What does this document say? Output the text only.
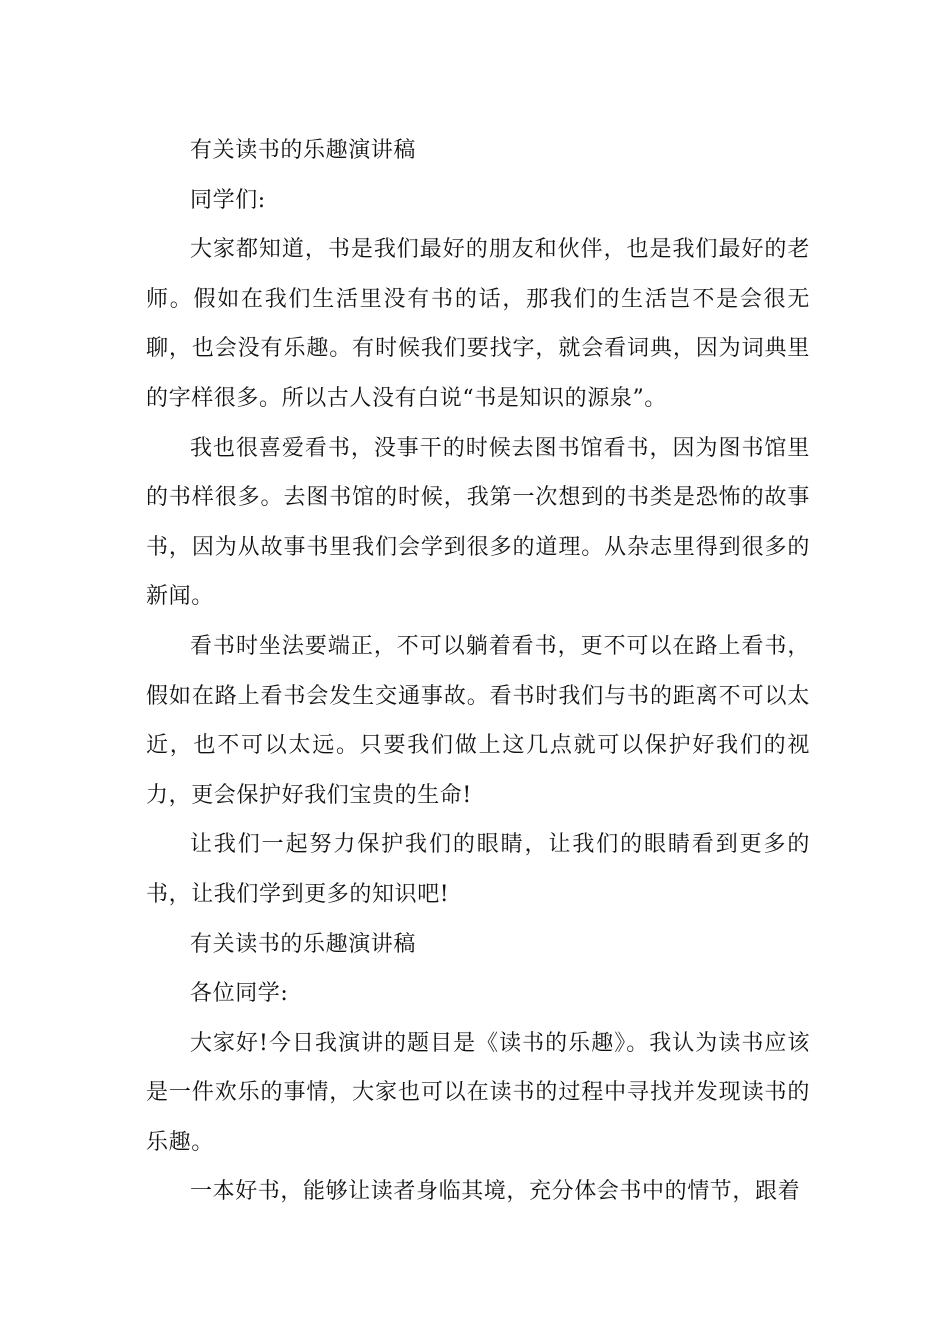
有关读书的乐趣演讲稿

同学们:

大家都知道，书是我们最好的朋友和伙伴，也是我们最好的老师。假如在我们生活里没有书的话，那我们的生活岂不是会很无聊，也会没有乐趣。有时候我们要找字，就会看词典，因为词典里的字样很多。所以古人没有白说“书是知识的源泉”。

我也很喜爱看书，没事干的时候去图书馆看书，因为图书馆里的书样很多。去图书馆的时候，我第一次想到的书类是恐怖的故事书，因为从故事书里我们会学到很多的道理。从杂志里得到很多的新闻。

看书时坐法要端正，不可以躺着看书，更不可以在路上看书，假如在路上看书会发生交通事故。看书时我们与书的距离不可以太近，也不可以太远。只要我们做上这几点就可以保护好我们的视力，更会保护好我们宝贵的生命!

让我们一起努力保护我们的眼睛，让我们的眼睛看到更多的书，让我们学到更多的知识吧!

有关读书的乐趣演讲稿

各位同学:

大家好!今日我演讲的题目是《读书的乐趣》。我认为读书应该是一件欢乐的事情，大家也可以在读书的过程中寻找并发现读书的乐趣。

一本好书，能够让读者身临其境，充分体会书中的情节，跟着
